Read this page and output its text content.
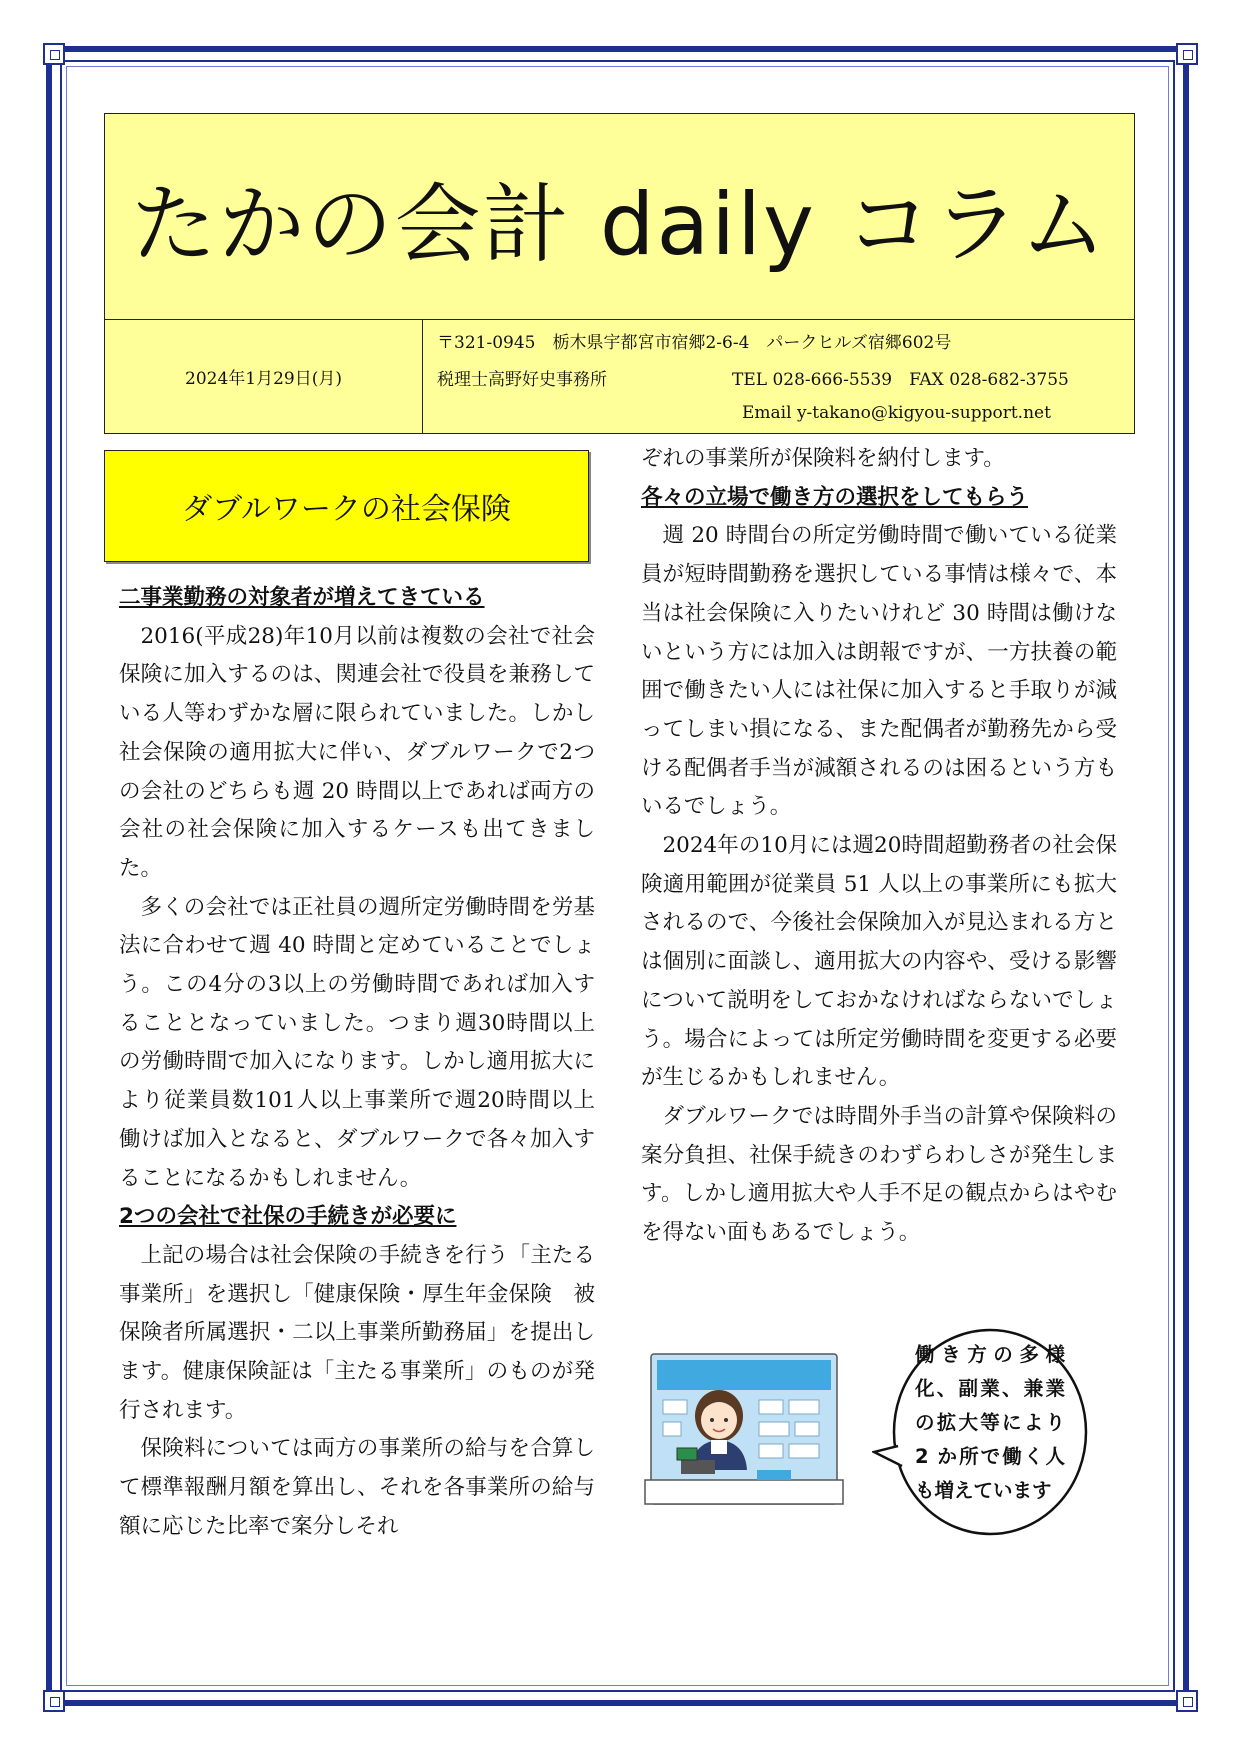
たかの会計 daily コラム
2024年1月29日(月)
〒321-0945　栃木県宇都宮市宿郷2-6-4　パークヒルズ宿郷602号
税理士高野好史事務所	TEL 028-666-5539　FAX 028-682-3755
Email y-takano@kigyou-support.net
ダブルワークの社会保険

二事業勤務の対象者が増えてきている

2016(平成28)年10月以前は複数の会社で社会保険に加入するのは、関連会社で役員を兼務している人等わずかな層に限られていました。しかし社会保険の適用拡大に伴い、ダブルワークで2つの会社のどちらも週 20 時間以上であれば両方の会社の社会保険に加入するケースも出てきました。

多くの会社では正社員の週所定労働時間を労基法に合わせて週 40 時間と定めていることでしょう。この4分の3以上の労働時間であれば加入することとなっていました。つまり週30時間以上の労働時間で加入になります。しかし適用拡大により従業員数101人以上事業所で週20時間以上働けば加入となると、ダブルワークで各々加入することになるかもしれません。

2つの会社で社保の手続きが必要に

上記の場合は社会保険の手続きを行う「主たる事業所」を選択し「健康保険・厚生年金保険　被保険者所属選択・二以上事業所勤務届」を提出します。健康保険証は「主たる事業所」のものが発行されます。

保険料については両方の事業所の給与を合算して標準報酬月額を算出し、それを各事業所の給与額に応じた比率で案分しそれ

ぞれの事業所が保険料を納付します。

各々の立場で働き方の選択をしてもらう

週 20 時間台の所定労働時間で働いている従業員が短時間勤務を選択している事情は様々で、本当は社会保険に入りたいけれど 30 時間は働けないという方には加入は朗報ですが、一方扶養の範囲で働きたい人には社保に加入すると手取りが減ってしまい損になる、また配偶者が勤務先から受ける配偶者手当が減額されるのは困るという方もいるでしょう。

2024年の10月には週20時間超勤務者の社会保険適用範囲が従業員 51 人以上の事業所にも拡大されるので、今後社会保険加入が見込まれる方とは個別に面談し、適用拡大の内容や、受ける影響について説明をしておかなければならないでしょう。場合によっては所定労働時間を変更する必要が生じるかもしれません。

ダブルワークでは時間外手当の計算や保険料の案分負担、社保手続きのわずらわしさが発生します。しかし適用拡大や人手不足の観点からはやむを得ない面もあるでしょう。

働き方の多様化、副業、兼業の拡大等により 2 か所で働く人も増えています
